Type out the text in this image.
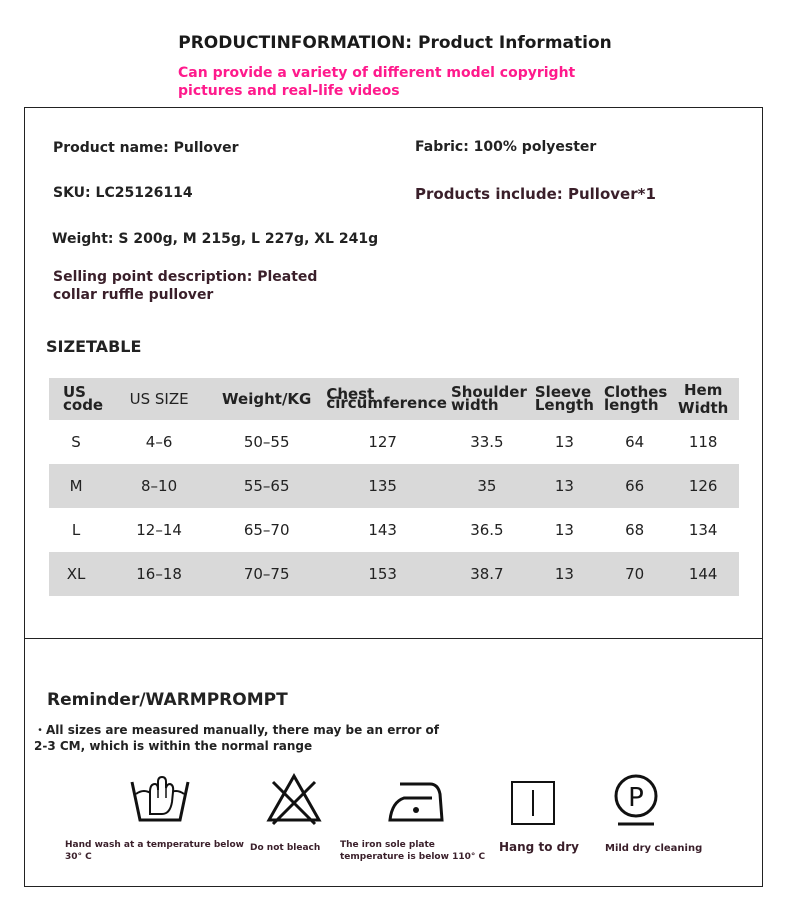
PRODUCTINFORMATION: Product Information
Can provide a variety of different model copyright pictures and real-life videos
Product name: Pullover	Fabric: 100% polyester
SKU: LC25126114	Products include: Pullover*1
Weight: S 200g, M 215g, L 227g, XL 241g
Selling point description: Pleated collar ruffle pullover
SIZETABLE
US code	US SIZE	Weight/KG	Chest circumference	Shoulder width	Sleeve Length	Clothes length	Hem Width
S	4–6	50–55	127	33.5	13	64	118
M	8–10	55–65	135	35	13	66	126
L	12–14	65–70	143	36.5	13	68	134
XL	16–18	70–75	153	38.7	13	70	144
Reminder/WARMPROMPT
・All sizes are measured manually, there may be an error of 2-3 CM, which is within the normal range
P
Hand wash at a temperature below 30° C
Do not bleach The iron sole plate temperature is below 110° C
Hang to dry	Mild dry cleaning
